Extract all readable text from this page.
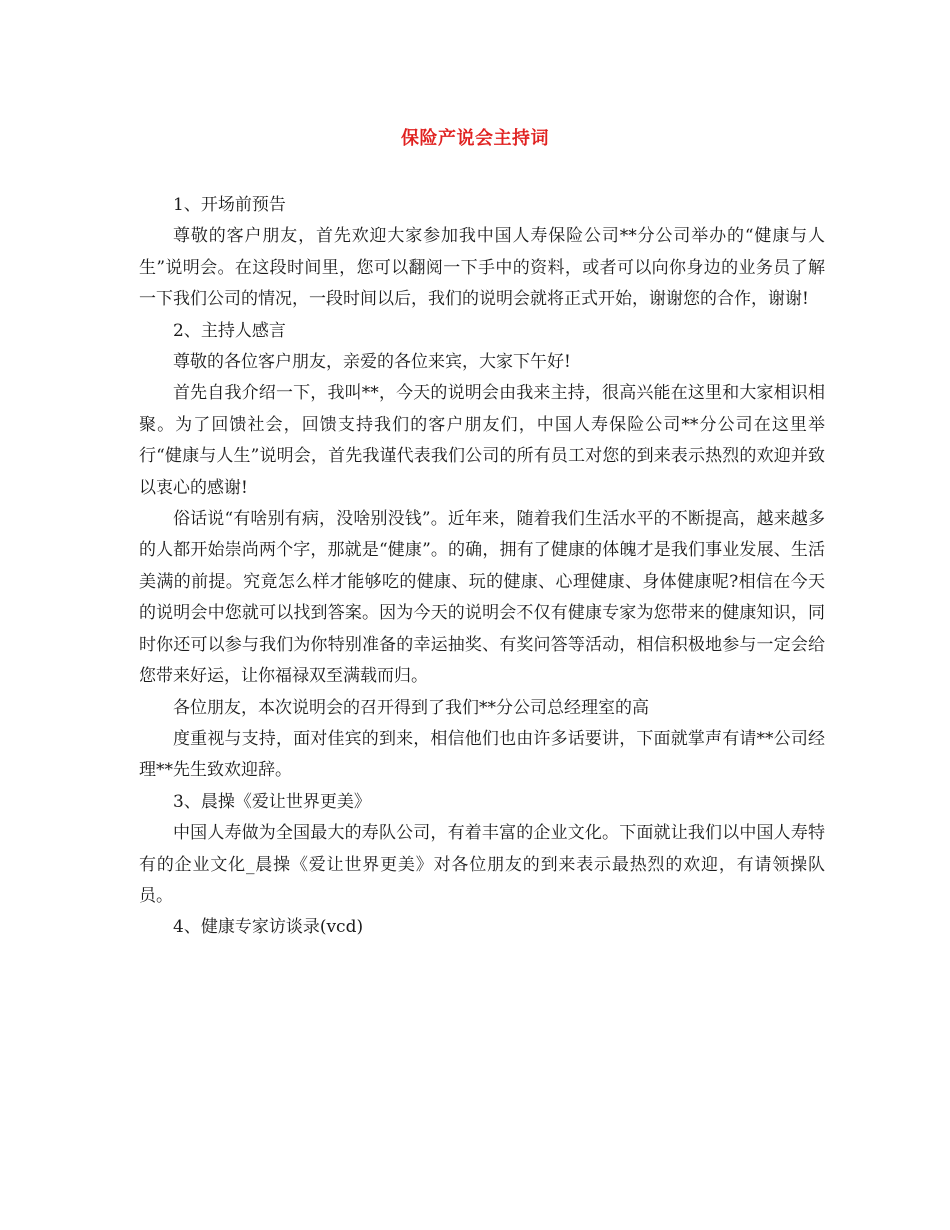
保险产说会主持词

1、开场前预告

尊敬的客户朋友，首先欢迎大家参加我中国人寿保险公司**分公司举办的“健康与人生”说明会。在这段时间里，您可以翻阅一下手中的资料，或者可以向你身边的业务员了解一下我们公司的情况，一段时间以后，我们的说明会就将正式开始，谢谢您的合作，谢谢!

2、主持人感言

尊敬的各位客户朋友，亲爱的各位来宾，大家下午好!

首先自我介绍一下，我叫**，今天的说明会由我来主持，很高兴能在这里和大家相识相聚。为了回馈社会，回馈支持我们的客户朋友们，中国人寿保险公司**分公司在这里举行“健康与人生”说明会，首先我谨代表我们公司的所有员工对您的到来表示热烈的欢迎并致以衷心的感谢!

俗话说“有啥别有病，没啥别没钱”。近年来，随着我们生活水平的不断提高，越来越多的人都开始崇尚两个字，那就是“健康”。的确，拥有了健康的体魄才是我们事业发展、生活美满的前提。究竟怎么样才能够吃的健康、玩的健康、心理健康、身体健康呢?相信在今天的说明会中您就可以找到答案。因为今天的说明会不仅有健康专家为您带来的健康知识，同时你还可以参与我们为你特别准备的幸运抽奖、有奖问答等活动，相信积极地参与一定会给您带来好运，让你福禄双至满载而归。

各位朋友，本次说明会的召开得到了我们**分公司总经理室的高

度重视与支持，面对佳宾的到来，相信他们也由许多话要讲，下面就掌声有请**公司经理**先生致欢迎辞。

3、晨操《爱让世界更美》

中国人寿做为全国最大的寿队公司，有着丰富的企业文化。下面就让我们以中国人寿特有的企业文化_晨操《爱让世界更美》对各位朋友的到来表示最热烈的欢迎，有请领操队员。

4、健康专家访谈录(vcd)
